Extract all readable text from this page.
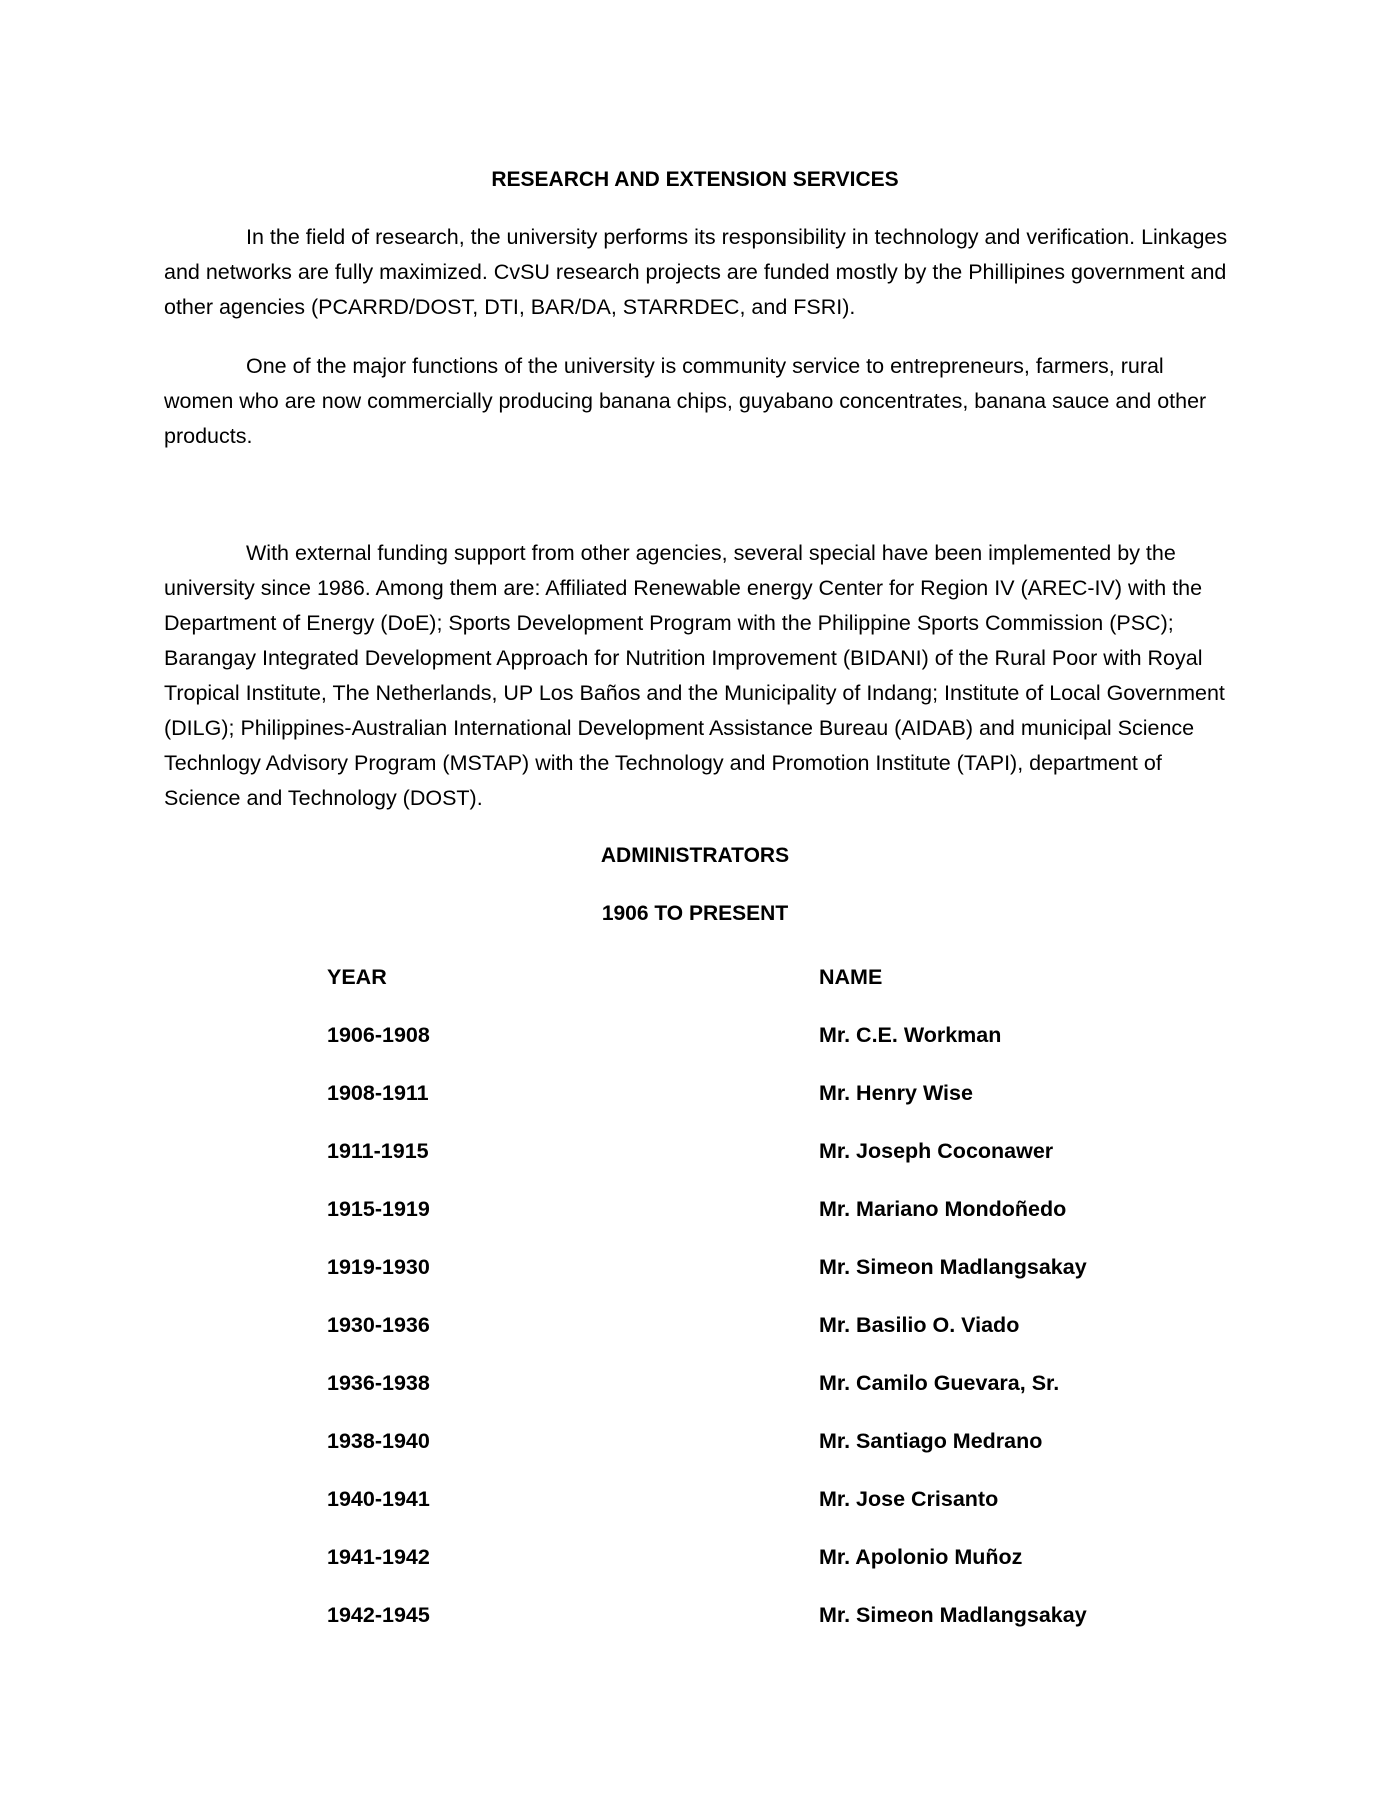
RESEARCH AND EXTENSION SERVICES

In the field of research, the university performs its responsibility in technology and verification. Linkages and networks are fully maximized. CvSU research projects are funded mostly by the Phillipines government and other agencies (PCARRD/DOST, DTI, BAR/DA, STARRDEC, and FSRI).

One of the major functions of the university is community service to entrepreneurs, farmers, rural women who are now commercially producing banana chips, guyabano concentrates, banana sauce and other products.

With external funding support from other agencies, several special have been implemented by the university since 1986. Among them are: Affiliated Renewable energy Center for Region IV (AREC-IV) with the Department of Energy (DoE); Sports Development Program with the Philippine Sports Commission (PSC); Barangay Integrated Development Approach for Nutrition Improvement (BIDANI) of the Rural Poor with Royal Tropical Institute, The Netherlands, UP Los Baños and the Municipality of Indang; Institute of Local Government (DILG); Philippines-Australian International Development Assistance Bureau (AIDAB) and municipal Science Technlogy Advisory Program (MSTAP) with the Technology and Promotion Institute (TAPI), department of Science and Technology (DOST).

ADMINISTRATORS
1906 TO PRESENT
YEAR	NAME
1906-1908	Mr. C.E. Workman
1908-1911	Mr. Henry Wise
1911-1915	Mr. Joseph Coconawer
1915-1919	Mr. Mariano Mondoñedo
1919-1930	Mr. Simeon Madlangsakay
1930-1936	Mr. Basilio O. Viado
1936-1938	Mr. Camilo Guevara, Sr.
1938-1940	Mr. Santiago Medrano
1940-1941	Mr. Jose Crisanto
1941-1942	Mr. Apolonio Muñoz
1942-1945	Mr. Simeon Madlangsakay
